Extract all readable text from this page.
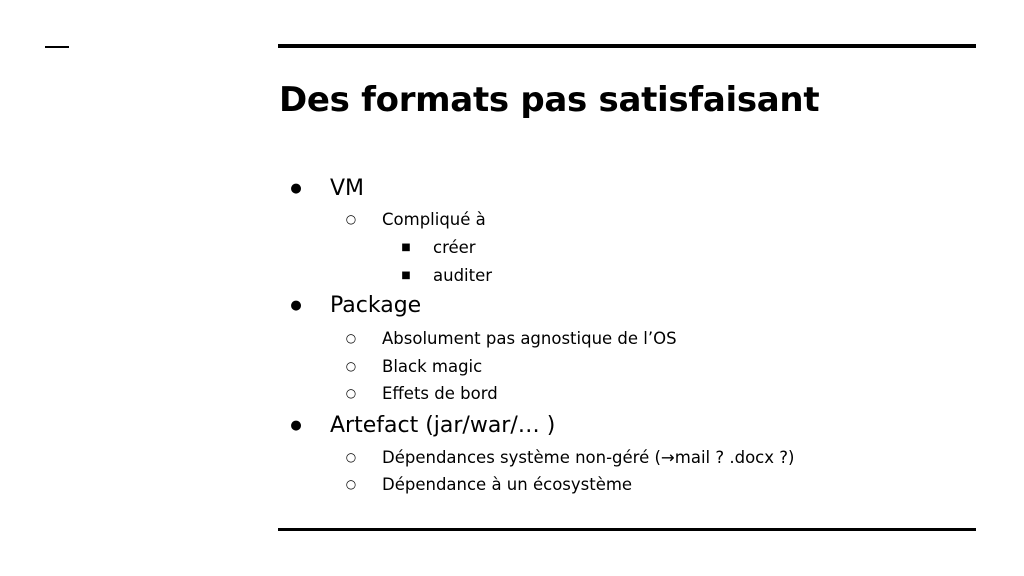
Des formats pas satisfaisant
● VM
○ Compliqué à
■	créer
■	auditer
● Package
○ Absolument pas agnostique de l’OS
○ Black magic
○ Effets de bord
● Artefact (jar/war/… )
○ Dépendances système non-géré (→mail ? .docx ?)
○ Dépendance à un écosystème
